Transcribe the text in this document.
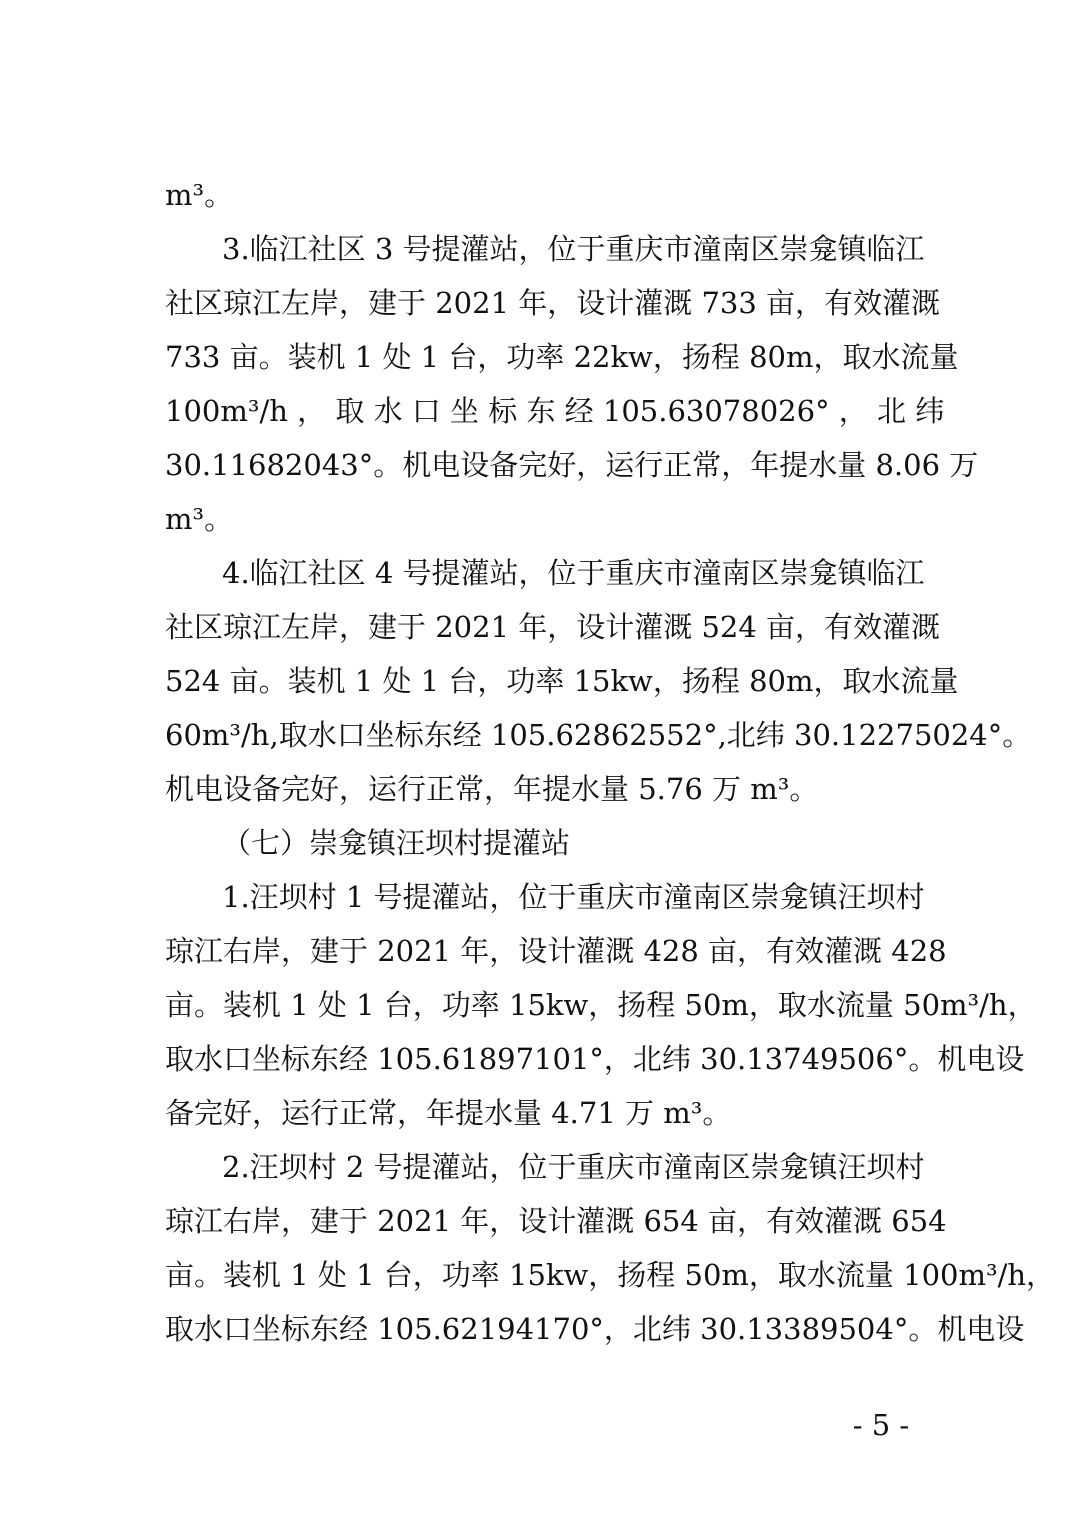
m³。
3.临江社区 3 号提灌站，位于重庆市潼南区崇龛镇临江
社区琼江左岸，建于 2021 年，设计灌溉 733 亩，有效灌溉
733 亩。装机 1 处 1 台，功率 22kw，扬程 80m，取水流量
100m³/h ， 取 水 口 坐 标 东 经 105.63078026° ， 北 纬
30.11682043°。机电设备完好，运行正常，年提水量 8.06 万
m³。
4.临江社区 4 号提灌站，位于重庆市潼南区崇龛镇临江
社区琼江左岸，建于 2021 年，设计灌溉 524 亩，有效灌溉
524 亩。装机 1 处 1 台，功率 15kw，扬程 80m，取水流量
60m³/h,取水口坐标东经 105.62862552°,北纬 30.12275024°。
机电设备完好，运行正常，年提水量 5.76 万 m³。
（七）崇龛镇汪坝村提灌站
1.汪坝村 1 号提灌站，位于重庆市潼南区崇龛镇汪坝村
琼江右岸，建于 2021 年，设计灌溉 428 亩，有效灌溉 428
亩。装机 1 处 1 台，功率 15kw，扬程 50m，取水流量 50m³/h，
取水口坐标东经 105.61897101°，北纬 30.13749506°。机电设
备完好，运行正常，年提水量 4.71 万 m³。
2.汪坝村 2 号提灌站，位于重庆市潼南区崇龛镇汪坝村
琼江右岸，建于 2021 年，设计灌溉 654 亩，有效灌溉 654
亩。装机 1 处 1 台，功率 15kw，扬程 50m，取水流量 100m³/h，
取水口坐标东经 105.62194170°，北纬 30.13389504°。机电设
- 5 -
